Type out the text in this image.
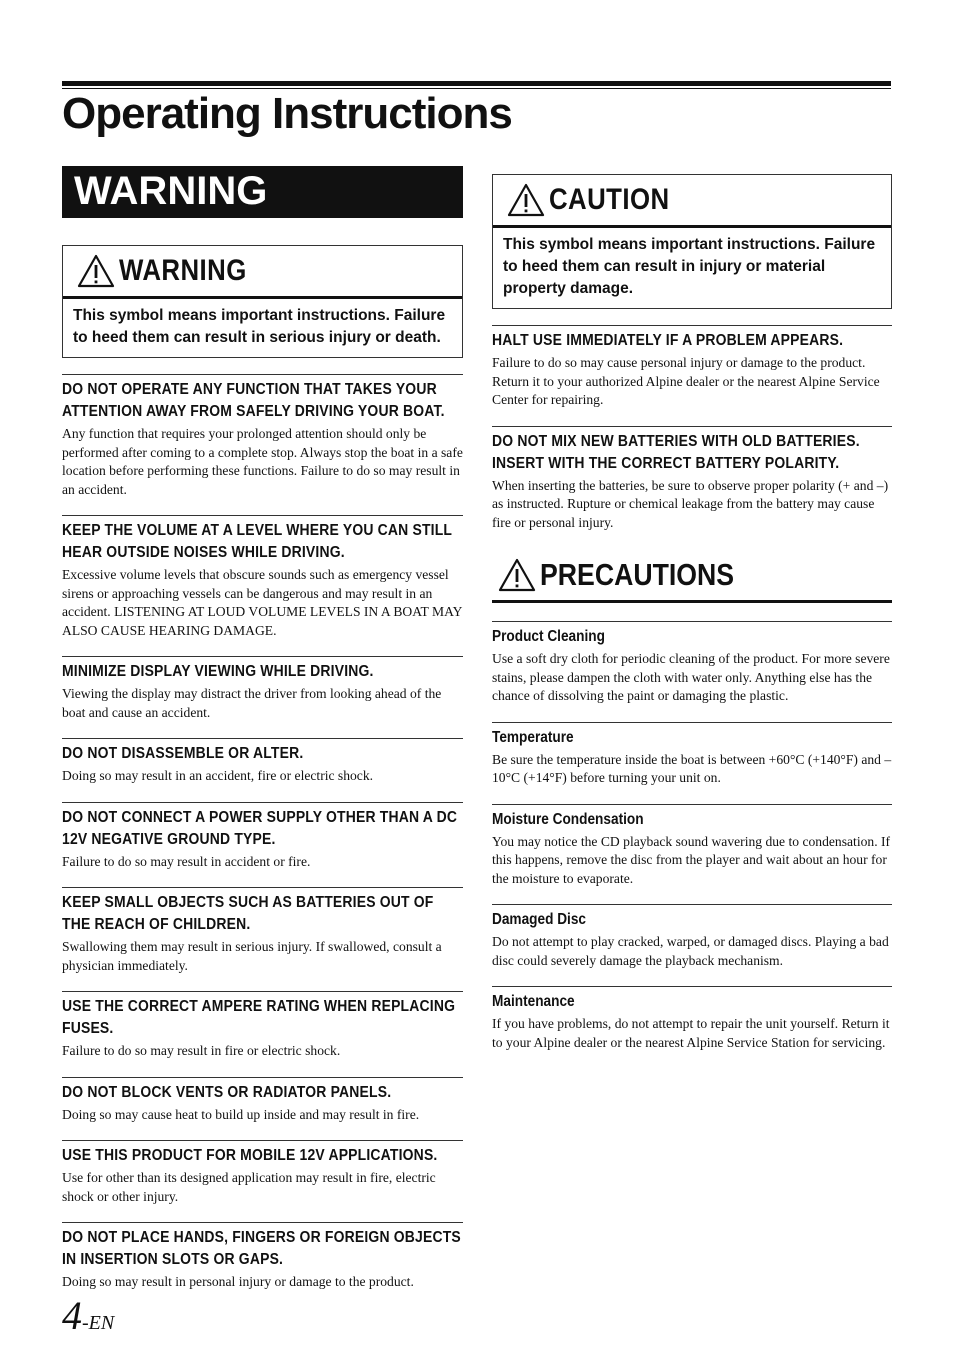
Operating Instructions
WARNING
WARNING
This symbol means important instructions. Failure to heed them can result in serious injury or death.
DO NOT OPERATE ANY FUNCTION THAT TAKES YOUR ATTENTION AWAY FROM SAFELY DRIVING YOUR BOAT.
Any function that requires your prolonged attention should only be performed after coming to a complete stop. Always stop the boat in a safe location before performing these functions. Failure to do so may result in an accident.
KEEP THE VOLUME AT A LEVEL WHERE YOU CAN STILL HEAR OUTSIDE NOISES WHILE DRIVING.
Excessive volume levels that obscure sounds such as emergency vessel sirens or approaching vessels can be dangerous and may result in an accident. LISTENING AT LOUD VOLUME LEVELS IN A BOAT MAY ALSO CAUSE HEARING DAMAGE.
MINIMIZE DISPLAY VIEWING WHILE DRIVING.
Viewing the display may distract the driver from looking ahead of the boat and cause an accident.
DO NOT DISASSEMBLE OR ALTER.
Doing so may result in an accident, fire or electric shock.
DO NOT CONNECT A POWER SUPPLY OTHER THAN A DC 12V NEGATIVE GROUND TYPE.
Failure to do so may result in accident or fire.
KEEP SMALL OBJECTS SUCH AS BATTERIES OUT OF THE REACH OF CHILDREN.
Swallowing them may result in serious injury. If swallowed, consult a physician immediately.
USE THE CORRECT AMPERE RATING WHEN REPLACING FUSES.
Failure to do so may result in fire or electric shock.
DO NOT BLOCK VENTS OR RADIATOR PANELS.
Doing so may cause heat to build up inside and may result in fire.
USE THIS PRODUCT FOR MOBILE 12V APPLICATIONS.
Use for other than its designed application may result in fire, electric shock or other injury.
DO NOT PLACE HANDS, FINGERS OR FOREIGN OBJECTS IN INSERTION SLOTS OR GAPS.
Doing so may result in personal injury or damage to the product.
CAUTION
This symbol means important instructions. Failure to heed them can result in injury or material property damage.
HALT USE IMMEDIATELY IF A PROBLEM APPEARS.
Failure to do so may cause personal injury or damage to the product. Return it to your authorized Alpine dealer or the nearest Alpine Service Center for repairing.
DO NOT MIX NEW BATTERIES WITH OLD BATTERIES. INSERT WITH THE CORRECT BATTERY POLARITY.
When inserting the batteries, be sure to observe proper polarity (+ and –) as instructed. Rupture or chemical leakage from the battery may cause fire or personal injury.
PRECAUTIONS
Product Cleaning
Use a soft dry cloth for periodic cleaning of the product. For more severe stains, please dampen the cloth with water only. Anything else has the chance of dissolving the paint or damaging the plastic.
Temperature
Be sure the temperature inside the boat is between +60°C (+140°F) and –10°C (+14°F) before turning your unit on.
Moisture Condensation
You may notice the CD playback sound wavering due to condensation. If this happens, remove the disc from the player and wait about an hour for the moisture to evaporate.
Damaged Disc
Do not attempt to play cracked, warped, or damaged discs. Playing a bad disc could severely damage the playback mechanism.
Maintenance
If you have problems, do not attempt to repair the unit yourself. Return it to your Alpine dealer or the nearest Alpine Service Station for servicing.
4-EN
